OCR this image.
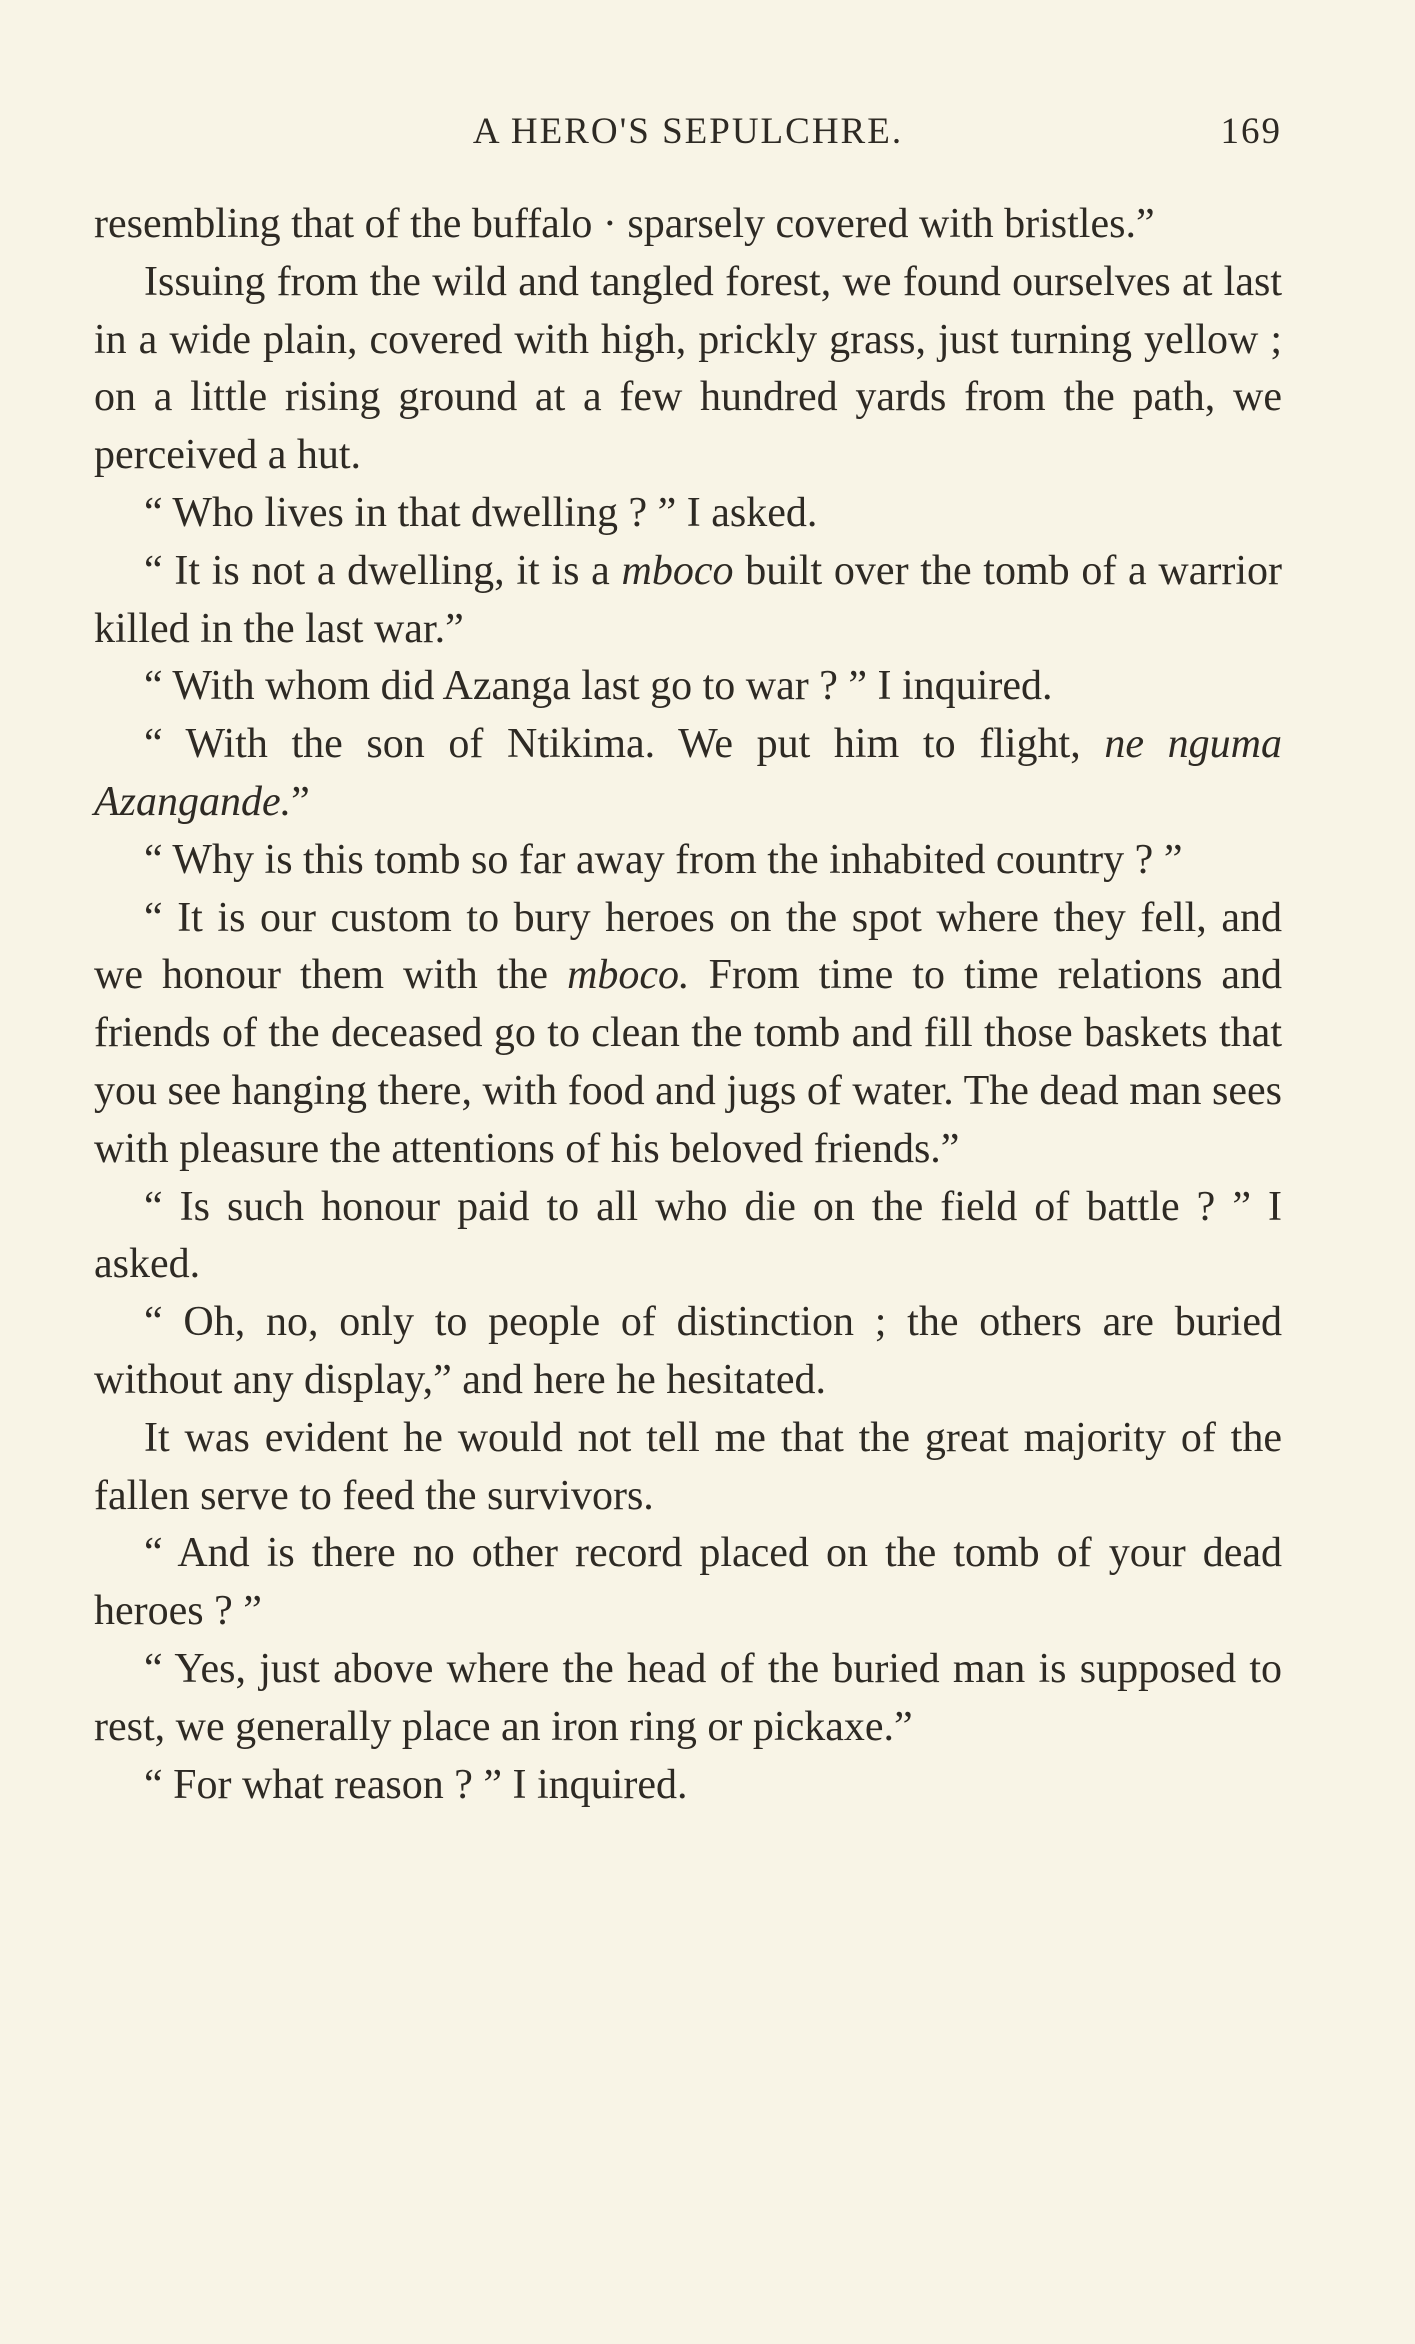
A HERO'S SEPULCHRE.	169

resembling that of the buffalo · sparsely covered with bristles.”

Issuing from the wild and tangled forest, we found ourselves at last in a wide plain, covered with high, prickly grass, just turning yellow ; on a little rising ground at a few hundred yards from the path, we perceived a hut.

“ Who lives in that dwelling ? ” I asked.

“ It is not a dwelling, it is a mboco built over the tomb of a warrior killed in the last war.”

“ With whom did Azanga last go to war ? ” I inquired.

“ With the son of Ntikima. We put him to flight, ne nguma Azangande.”

“ Why is this tomb so far away from the inhabited country ? ”

“ It is our custom to bury heroes on the spot where they fell, and we honour them with the mboco. From time to time relations and friends of the deceased go to clean the tomb and fill those baskets that you see hanging there, with food and jugs of water. The dead man sees with pleasure the attentions of his beloved friends.”

“ Is such honour paid to all who die on the field of battle ? ” I asked.

“ Oh, no, only to people of distinction ; the others are buried without any display,” and here he hesitated.

It was evident he would not tell me that the great majority of the fallen serve to feed the survivors.

“ And is there no other record placed on the tomb of your dead heroes ? ”

“ Yes, just above where the head of the buried man is supposed to rest, we generally place an iron ring or pickaxe.”

“ For what reason ? ” I inquired.
